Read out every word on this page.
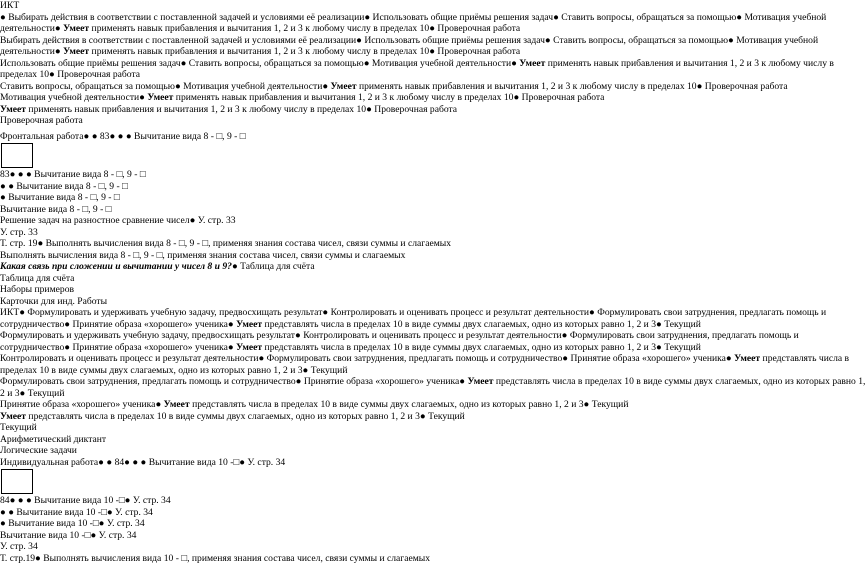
ИКТ
● Выбирать действия в соответствии с поставленной задачей и условиями её реализации● Использовать общие приёмы решения задач● Ставить вопросы, обращаться за помощью● Мотивация учебной
деятельности● Умеет применять навык прибавления и вычитания 1, 2 и 3 к любому числу в пределах 10● Проверочная работа
Выбирать действия в соответствии с поставленной задачей и условиями её реализации● Использовать общие приёмы решения задач● Ставить вопросы, обращаться за помощью● Мотивация учебной
деятельности● Умеет применять навык прибавления и вычитания 1, 2 и 3 к любому числу в пределах 10● Проверочная работа
Использовать общие приёмы решения задач● Ставить вопросы, обращаться за помощью● Мотивация учебной деятельности● Умеет применять навык прибавления и вычитания 1, 2 и 3 к любому числу в
пределах 10● Проверочная работа
Ставить вопросы, обращаться за помощью● Мотивация учебной деятельности● Умеет применять навык прибавления и вычитания 1, 2 и 3 к любому числу в пределах 10● Проверочная работа
Мотивация учебной деятельности● Умеет применять навык прибавления и вычитания 1, 2 и 3 к любому числу в пределах 10● Проверочная работа
Умеет применять навык прибавления и вычитания 1, 2 и 3 к любому числу в пределах 10● Проверочная работа
Проверочная работа
Фронтальная работа● ● 83● ● ● Вычитание вида 8 - □, 9 - □
83● ● ● Вычитание вида 8 - □, 9 - □
● ● Вычитание вида 8 - □, 9 - □
● Вычитание вида 8 - □, 9 - □
Вычитание вида 8 - □, 9 - □
Решение задач на разностное сравнение чисел● У. стр. 33
У. стр. 33
Т. стр. 19● Выполнять вычисления вида 8 - □, 9 - □, применяя знания состава чисел, связи суммы и слагаемых
Выполнять вычисления вида 8 - □, 9 - □, применяя знания состава чисел, связи суммы и слагаемых
Какая связь при сложении и вычитании у чисел 8 и 9?● Таблица для счёта
Таблица для счёта
Наборы примеров
Карточки для инд. Работы
ИКТ● Формулировать и удерживать учебную задачу, предвосхищать результат● Контролировать и оценивать процесс и результат деятельности● Формулировать свои затруднения, предлагать помощь и
сотрудничество● Принятие образа «хорошего» ученика● Умеет представлять числа в пределах 10 в виде суммы двух слагаемых, одно из которых равно 1, 2 и 3● Текущий
Формулировать и удерживать учебную задачу, предвосхищать результат● Контролировать и оценивать процесс и результат деятельности● Формулировать свои затруднения, предлагать помощь и
сотрудничество● Принятие образа «хорошего» ученика● Умеет представлять числа в пределах 10 в виде суммы двух слагаемых, одно из которых равно 1, 2 и 3● Текущий
Контролировать и оценивать процесс и результат деятельности● Формулировать свои затруднения, предлагать помощь и сотрудничество● Принятие образа «хорошего» ученика● Умеет представлять числа в
пределах 10 в виде суммы двух слагаемых, одно из которых равно 1, 2 и 3● Текущий
Формулировать свои затруднения, предлагать помощь и сотрудничество● Принятие образа «хорошего» ученика● Умеет представлять числа в пределах 10 в виде суммы двух слагаемых, одно из которых равно 1,
2 и 3● Текущий
Принятие образа «хорошего» ученика● Умеет представлять числа в пределах 10 в виде суммы двух слагаемых, одно из которых равно 1, 2 и 3● Текущий
Умеет представлять числа в пределах 10 в виде суммы двух слагаемых, одно из которых равно 1, 2 и 3● Текущий
Текущий
Арифметический диктант
Логические задачи
Индивидуальная работа● ● 84● ● ● Вычитание вида 10 -□● У. стр. 34
84● ● ● Вычитание вида 10 -□● У. стр. 34
● ● Вычитание вида 10 -□● У. стр. 34
● Вычитание вида 10 -□● У. стр. 34
Вычитание вида 10 -□● У. стр. 34
У. стр. 34
Т. стр.19● Выполнять вычисления вида 10 - □, применяя знания состава чисел, связи суммы и слагаемых
